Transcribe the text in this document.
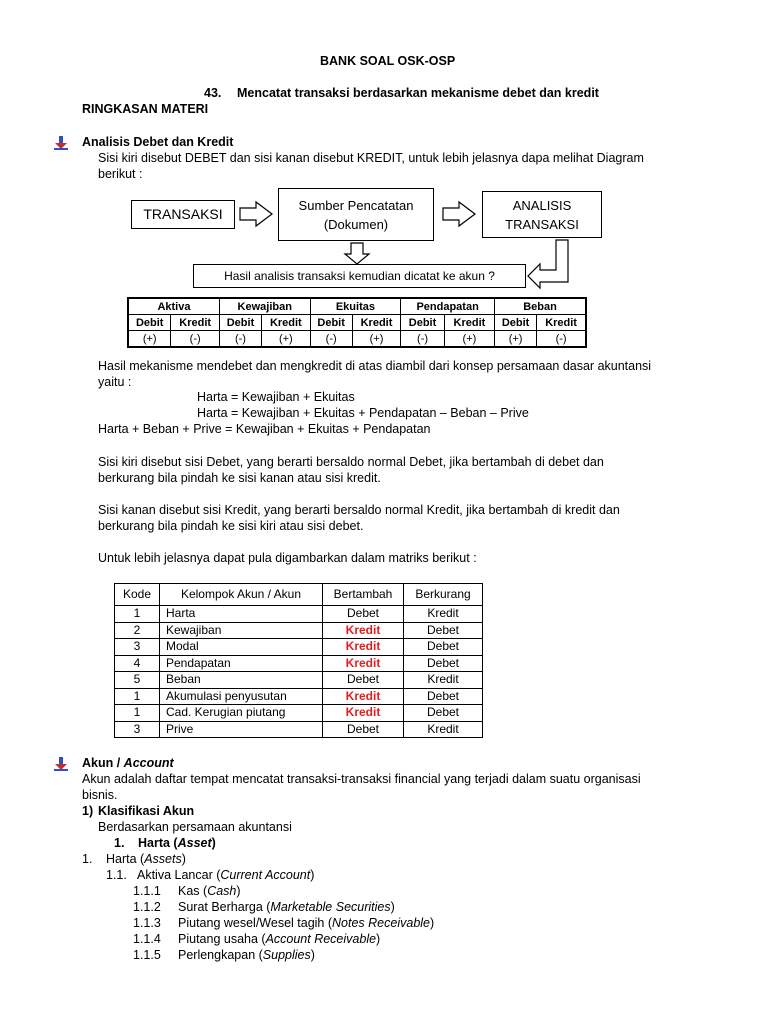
BANK SOAL OSK-OSP
43. Mencatat transaksi berdasarkan mekanisme debet dan kredit
RINGKASAN MATERI
Analisis Debet dan Kredit
Sisi kiri disebut DEBET dan sisi kanan disebut KREDIT, untuk lebih jelasnya dapa melihat Diagram
berikut :
TRANSAKSI
Sumber Pencatatan
(Dokumen)
ANALISIS
TRANSAKSI
Hasil analisis transaksi kemudian dicatat ke akun ?
Aktiva		Kewajiban		Ekuitas		Pendapatan		Beban	
Debit	Kredit	Debit	Kredit	Debit	Kredit	Debit	Kredit	Debit	Kredit
(+)	(-)	(-)	(+)	(-)	(+)	(-)	(+)	(+)	(-)
Hasil mekanisme mendebet dan mengkredit di atas diambil dari konsep persamaan dasar akuntansi
yaitu :
Harta = Kewajiban + Ekuitas
Harta = Kewajiban + Ekuitas + Pendapatan – Beban – Prive
Harta + Beban + Prive = Kewajiban + Ekuitas + Pendapatan
Sisi kiri disebut sisi Debet, yang berarti bersaldo normal Debet, jika bertambah di debet dan
berkurang bila pindah ke sisi kanan atau sisi kredit.
Sisi kanan disebut sisi Kredit, yang berarti bersaldo normal Kredit, jika bertambah di kredit dan
berkurang bila pindah ke sisi kiri atau sisi debet.
Untuk lebih jelasnya dapat pula digambarkan dalam matriks berikut :
Kode	Kelompok Akun / Akun	Bertambah	Berkurang
1	Harta	Debet	Kredit
2	Kewajiban	Kredit	Debet
3	Modal	Kredit	Debet
4	Pendapatan	Kredit	Debet
5	Beban	Debet	Kredit
1	Akumulasi penyusutan	Kredit	Debet
1	Cad. Kerugian piutang	Kredit	Debet
3	Prive	Debet	Kredit
Akun / Account
Akun adalah daftar tempat mencatat transaksi-transaksi financial yang terjadi dalam suatu organisasi
bisnis.
1) Klasifikasi Akun
Berdasarkan persamaan akuntansi
1. Harta (Asset)
1. Harta (Assets)
1.1. Aktiva Lancar (Current Account)
1.1.1 Kas (Cash)
1.1.2 Surat Berharga (Marketable Securities)
1.1.3 Piutang wesel/Wesel tagih (Notes Receivable)
1.1.4 Piutang usaha (Account Receivable)
1.1.5 Perlengkapan (Supplies)
